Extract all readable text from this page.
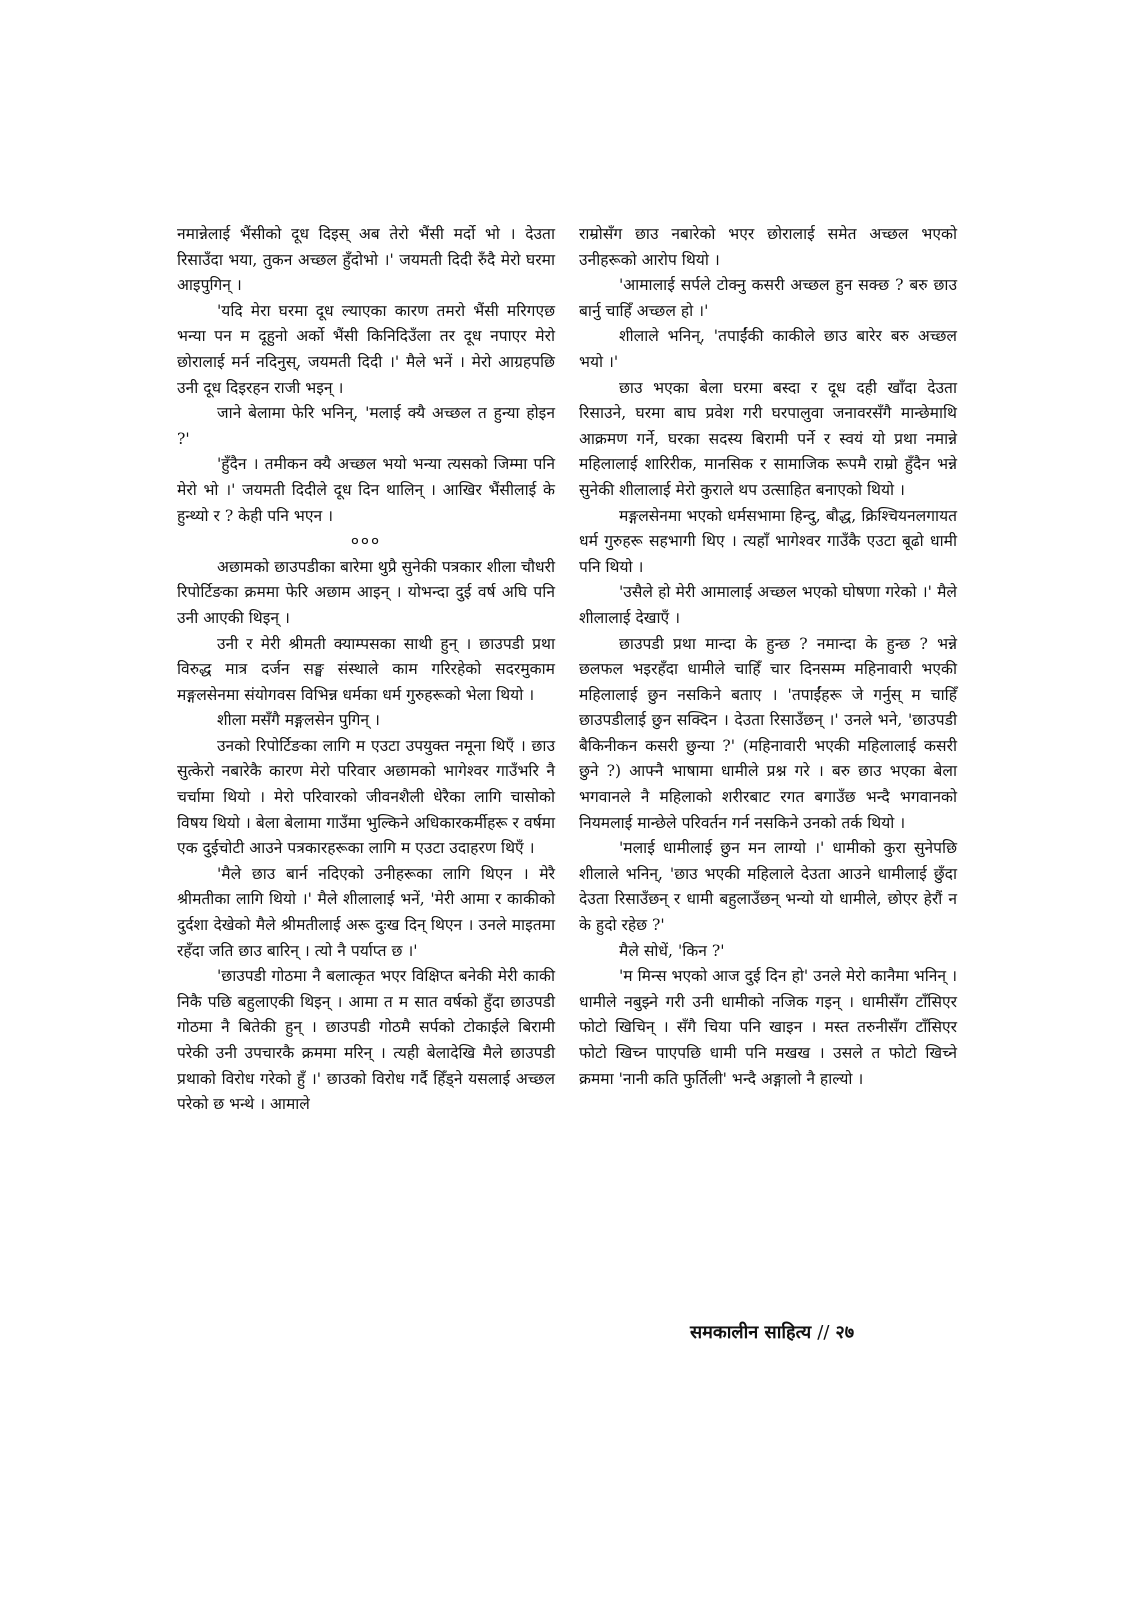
नमान्नेलाई भैंसीको दूध दिइस् अब तेरो भैंसी मर्दो भो । देउता रिसाउँदा भया, तुकन अच्छल हुँदोभो ।' जयमती दिदी रुँदै मेरो घरमा आइपुगिन् ।

'यदि मेरा घरमा दूध ल्याएका कारण तमरो भैंसी मरिगएछ भन्या पन म दूहुनो अर्को भैंसी किनिदिउँला तर दूध नपाएर मेरो छोरालाई मर्न नदिनुस्, जयमती दिदी ।' मैले भनें । मेरो आग्रहपछि उनी दूध दिइरहन राजी भइन् ।

जाने बेलामा फेरि भनिन्, 'मलाई क्यै अच्छल त हुन्या होइन ?'

'हुँदैन । तमीकन क्यै अच्छल भयो भन्या त्यसको जिम्मा पनि मेरो भो ।' जयमती दिदीले दूध दिन थालिन् । आखिर भैंसीलाई के हुन्थ्यो र ? केही पनि भएन ।

०००

अछामको छाउपडीका बारेमा थुप्रै सुनेकी पत्रकार शीला चौधरी रिपोर्टिङका क्रममा फेरि अछाम आइन् । योभन्दा दुई वर्ष अघि पनि उनी आएकी थिइन् ।

उनी र मेरी श्रीमती क्याम्पसका साथी हुन् । छाउपडी प्रथा विरुद्ध मात्र दर्जन सङ्घ संस्थाले काम गरिरहेको सदरमुकाम मङ्गलसेनमा संयोगवस विभिन्न धर्मका धर्म गुरुहरूको भेला थियो ।

शीला मसँगै मङ्गलसेन पुगिन् ।

उनको रिपोर्टिङका लागि म एउटा उपयुक्त नमूना थिएँ । छाउ सुत्केरो नबारेकै कारण मेरो परिवार अछामको भागेश्वर गाउँभरि नै चर्चामा थियो । मेरो परिवारको जीवनशैली धेरैका लागि चासोको विषय थियो । बेला बेलामा गाउँमा भुल्किने अधिकारकर्मीहरू र वर्षमा एक दुईचोटी आउने पत्रकारहरूका लागि म एउटा उदाहरण थिएँ ।

'मैले छाउ बार्न नदिएको उनीहरूका लागि थिएन । मेरै श्रीमतीका लागि थियो ।' मैले शीलालाई भनें, 'मेरी आमा र काकीको दुर्दशा देखेको मैले श्रीमतीलाई अरू दुःख दिन् थिएन । उनले माइतमा रहँदा जति छाउ बारिन् । त्यो नै पर्याप्त छ ।'

'छाउपडी गोठमा नै बलात्कृत भएर विक्षिप्त बनेकी मेरी काकी निकै पछि बहुलाएकी थिइन् । आमा त म सात वर्षको हुँदा छाउपडी गोठमा नै बितेकी हुन् । छाउपडी गोठमै सर्पको टोकाईले बिरामी परेकी उनी उपचारकै क्रममा मरिन् । त्यही बेलादेखि मैले छाउपडी प्रथाको विरोध गरेको हुँ ।' छाउको विरोध गर्दै हिँड्ने यसलाई अच्छल परेको छ भन्थे । आमाले

राम्रोसँग छाउ नबारेको भएर छोरालाई समेत अच्छल भएको उनीहरूको आरोप थियो ।

'आमालाई सर्पले टोक्नु कसरी अच्छल हुन सक्छ ? बरु छाउ बार्नु चाहिँ अच्छल हो ।'

शीलाले भनिन्, 'तपाईंकी काकीले छाउ बारेर बरु अच्छल भयो ।'

छाउ भएका बेला घरमा बस्दा र दूध दही खाँदा देउता रिसाउने, घरमा बाघ प्रवेश गरी घरपालुवा जनावरसँगै मान्छेमाथि आक्रमण गर्ने, घरका सदस्य बिरामी पर्ने र स्वयं यो प्रथा नमान्ने महिलालाई शारिरीक, मानसिक र सामाजिक रूपमै राम्रो हुँदैन भन्ने सुनेकी शीलालाई मेरो कुराले थप उत्साहित बनाएको थियो ।

मङ्गलसेनमा भएको धर्मसभामा हिन्दु, बौद्ध, क्रिश्चियनलगायत धर्म गुरुहरू सहभागी थिए । त्यहाँ भागेश्वर गाउँकै एउटा बूढो धामी पनि थियो ।

'उसैले हो मेरी आमालाई अच्छल भएको घोषणा गरेको ।' मैले शीलालाई देखाएँ ।

छाउपडी प्रथा मान्दा के हुन्छ ? नमान्दा के हुन्छ ? भन्ने छलफल भइरहँदा धामीले चाहिँ चार दिनसम्म महिनावारी भएकी महिलालाई छुन नसकिने बताए । 'तपाईंहरू जे गर्नुस् म चाहिँ छाउपडीलाई छुन सक्दिन । देउता रिसाउँछन् ।' उनले भने, 'छाउपडी बैकिनीकन कसरी छुन्या ?' (महिनावारी भएकी महिलालाई कसरी छुने ?) आफ्नै भाषामा धामीले प्रश्न गरे । बरु छाउ भएका बेला भगवानले नै महिलाको शरीरबाट रगत बगाउँछ भन्दै भगवानको नियमलाई मान्छेले परिवर्तन गर्न नसकिने उनको तर्क थियो ।

'मलाई धामीलाई छुन मन लाग्यो ।' धामीको कुरा सुनेपछि शीलाले भनिन्, 'छाउ भएकी महिलाले देउता आउने धामीलाई छुँदा देउता रिसाउँछन् र धामी बहुलाउँछन् भन्यो यो धामीले, छोएर हेरौं न के हुदो रहेछ ?'

मैले सोधें, 'किन ?'

'म मिन्स भएको आज दुई दिन हो' उनले मेरो कानैमा भनिन् । धामीले नबुझ्ने गरी उनी धामीको नजिक गइन् । धामीसँग टाँसिएर फोटो खिचिन् । सँगै चिया पनि खाइन । मस्त तरुनीसँग टाँसिएर फोटो खिच्न पाएपछि धामी पनि मखख । उसले त फोटो खिच्ने क्रममा 'नानी कति फुर्तिली' भन्दै अङ्गालो नै हाल्यो ।

समकालीन साहित्य // २७
